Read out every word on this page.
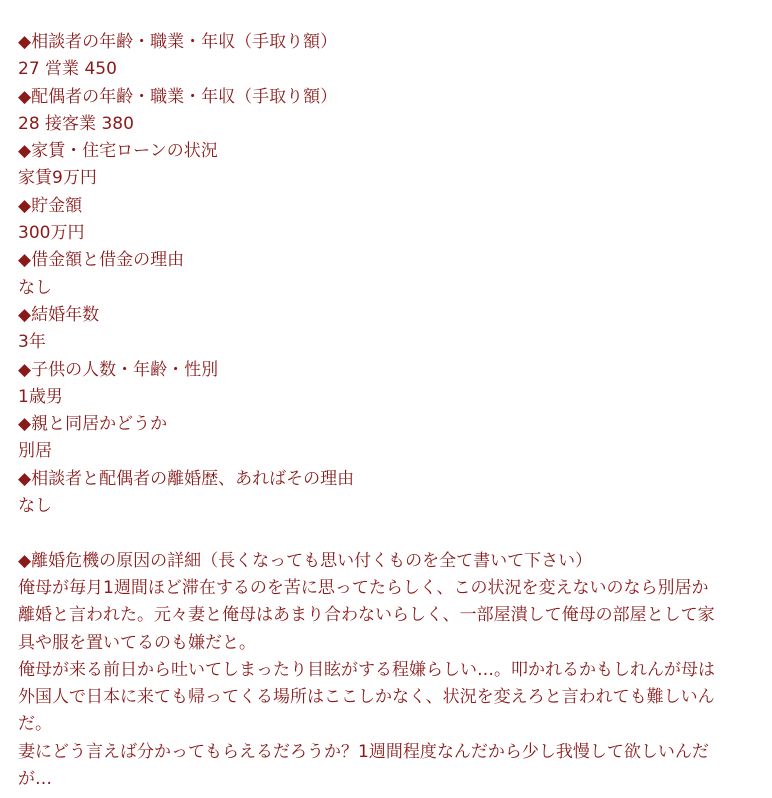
◆相談者の年齢・職業・年収（手取り額）

27 営業 450

◆配偶者の年齢・職業・年収（手取り額）

28 接客業 380

◆家賃・住宅ローンの状況

家賃9万円

◆貯金額

300万円

◆借金額と借金の理由

なし

◆結婚年数

3年

◆子供の人数・年齢・性別

1歳男

◆親と同居かどうか

別居

◆相談者と配偶者の離婚歴、あればその理由

なし

◆離婚危機の原因の詳細（長くなっても思い付くものを全て書いて下さい）

俺母が毎月1週間ほど滞在するのを苦に思ってたらしく、この状況を変えないのなら別居か

離婚と言われた。元々妻と俺母はあまり合わないらしく、一部屋潰して俺母の部屋として家

具や服を置いてるのも嫌だと。

俺母が来る前日から吐いてしまったり目眩がする程嫌らしい…。叩かれるかもしれんが母は

外国人で日本に来ても帰ってくる場所はここしかなく、状況を変えろと言われても難しいん

だ。

妻にどう言えば分かってもらえるだろうか？1週間程度なんだから少し我慢して欲しいんだ

が…
